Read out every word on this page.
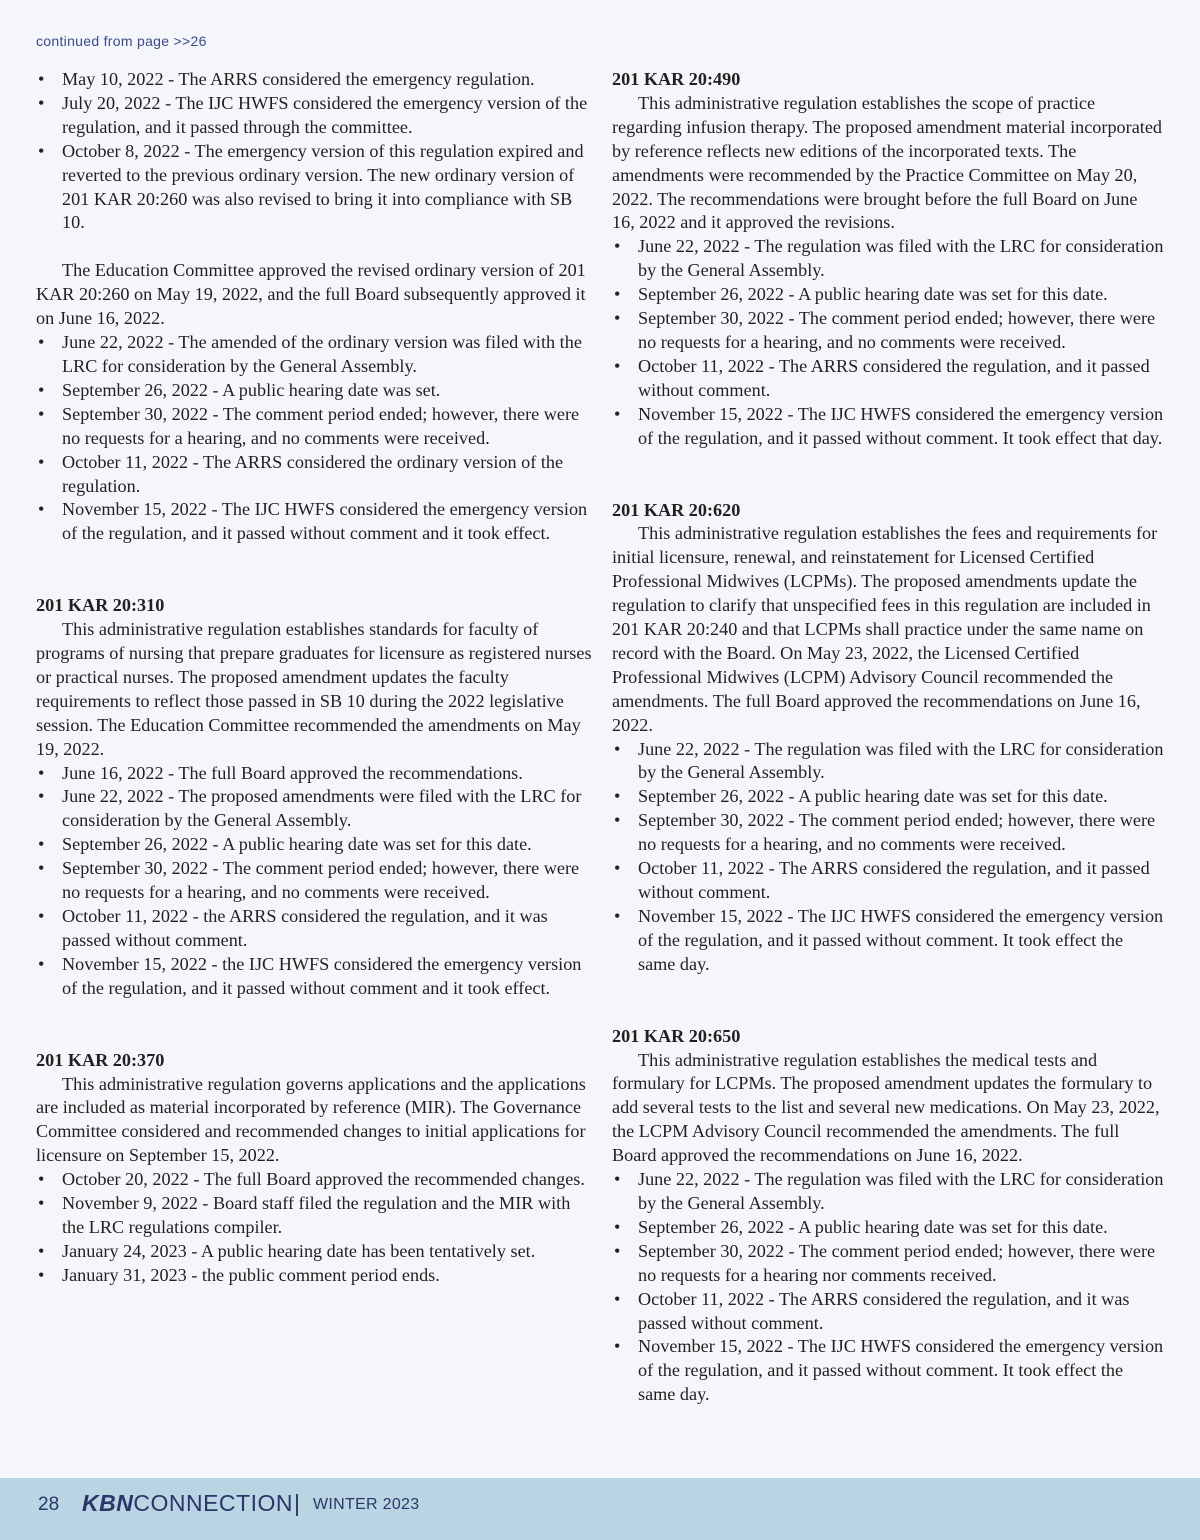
continued from page >>26
• May 10, 2022 - The ARRS considered the emergency regulation.
• July 20, 2022 - The IJC HWFS considered the emergency version of the regulation, and it passed through the committee.
• October 8, 2022 - The emergency version of this regulation expired and reverted to the previous ordinary version. The new ordinary version of 201 KAR 20:260 was also revised to bring it into compliance with SB 10.

The Education Committee approved the revised ordinary version of 201 KAR 20:260 on May 19, 2022, and the full Board subsequently approved it on June 16, 2022.

• June 22, 2022 - The amended of the ordinary version was filed with the LRC for consideration by the General Assembly.
• September 26, 2022 - A public hearing date was set.
• September 30, 2022 - The comment period ended; however, there were no requests for a hearing, and no comments were received.
• October 11, 2022 - The ARRS considered the ordinary version of the regulation.
• November 15, 2022 - The IJC HWFS considered the emergency version of the regulation, and it passed without comment and it took effect.
201 KAR 20:310

This administrative regulation establishes standards for faculty of programs of nursing that prepare graduates for licensure as registered nurses or practical nurses. The proposed amendment updates the faculty requirements to reflect those passed in SB 10 during the 2022 legislative session. The Education Committee recommended the amendments on May 19, 2022.

• June 16, 2022 - The full Board approved the recommendations.
• June 22, 2022 - The proposed amendments were filed with the LRC for consideration by the General Assembly.
• September 26, 2022 - A public hearing date was set for this date.
• September 30, 2022 - The comment period ended; however, there were no requests for a hearing, and no comments were received.
• October 11, 2022 - the ARRS considered the regulation, and it was passed without comment.
• November 15, 2022 - the IJC HWFS considered the emergency version of the regulation, and it passed without comment and it took effect.
201 KAR 20:370

This administrative regulation governs applications and the applications are included as material incorporated by reference (MIR). The Governance Committee considered and recommended changes to initial applications for licensure on September 15, 2022.

• October 20, 2022 - The full Board approved the recommended changes.
• November 9, 2022 - Board staff filed the regulation and the MIR with the LRC regulations compiler.
• January 24, 2023 - A public hearing date has been tentatively set.
• January 31, 2023 - the public comment period ends.
201 KAR 20:490

This administrative regulation establishes the scope of practice regarding infusion therapy. The proposed amendment material incorporated by reference reflects new editions of the incorporated texts. The amendments were recommended by the Practice Committee on May 20, 2022. The recommendations were brought before the full Board on June 16, 2022 and it approved the revisions.

• June 22, 2022 - The regulation was filed with the LRC for consideration by the General Assembly.
• September 26, 2022 - A public hearing date was set for this date.
• September 30, 2022 - The comment period ended; however, there were no requests for a hearing, and no comments were received.
• October 11, 2022 - The ARRS considered the regulation, and it passed without comment.
• November 15, 2022 - The IJC HWFS considered the emergency version of the regulation, and it passed without comment. It took effect that day.
201 KAR 20:620

This administrative regulation establishes the fees and requirements for initial licensure, renewal, and reinstatement for Licensed Certified Professional Midwives (LCPMs). The proposed amendments update the regulation to clarify that unspecified fees in this regulation are included in 201 KAR 20:240 and that LCPMs shall practice under the same name on record with the Board. On May 23, 2022, the Licensed Certified Professional Midwives (LCPM) Advisory Council recommended the amendments. The full Board approved the recommendations on June 16, 2022.

• June 22, 2022 - The regulation was filed with the LRC for consideration by the General Assembly.
• September 26, 2022 - A public hearing date was set for this date.
• September 30, 2022 - The comment period ended; however, there were no requests for a hearing, and no comments were received.
• October 11, 2022 - The ARRS considered the regulation, and it passed without comment.
• November 15, 2022 - The IJC HWFS considered the emergency version of the regulation, and it passed without comment. It took effect the same day.
201 KAR 20:650

This administrative regulation establishes the medical tests and formulary for LCPMs. The proposed amendment updates the formulary to add several tests to the list and several new medications. On May 23, 2022, the LCPM Advisory Council recommended the amendments. The full Board approved the recommendations on June 16, 2022.

• June 22, 2022 - The regulation was filed with the LRC for consideration by the General Assembly.
• September 26, 2022 - A public hearing date was set for this date.
• September 30, 2022 - The comment period ended; however, there were no requests for a hearing nor comments received.
• October 11, 2022 - The ARRS considered the regulation, and it was passed without comment.
• November 15, 2022 - The IJC HWFS considered the emergency version of the regulation, and it passed without comment. It took effect the same day.
28 KBNCONNECTION | WINTER 2023
